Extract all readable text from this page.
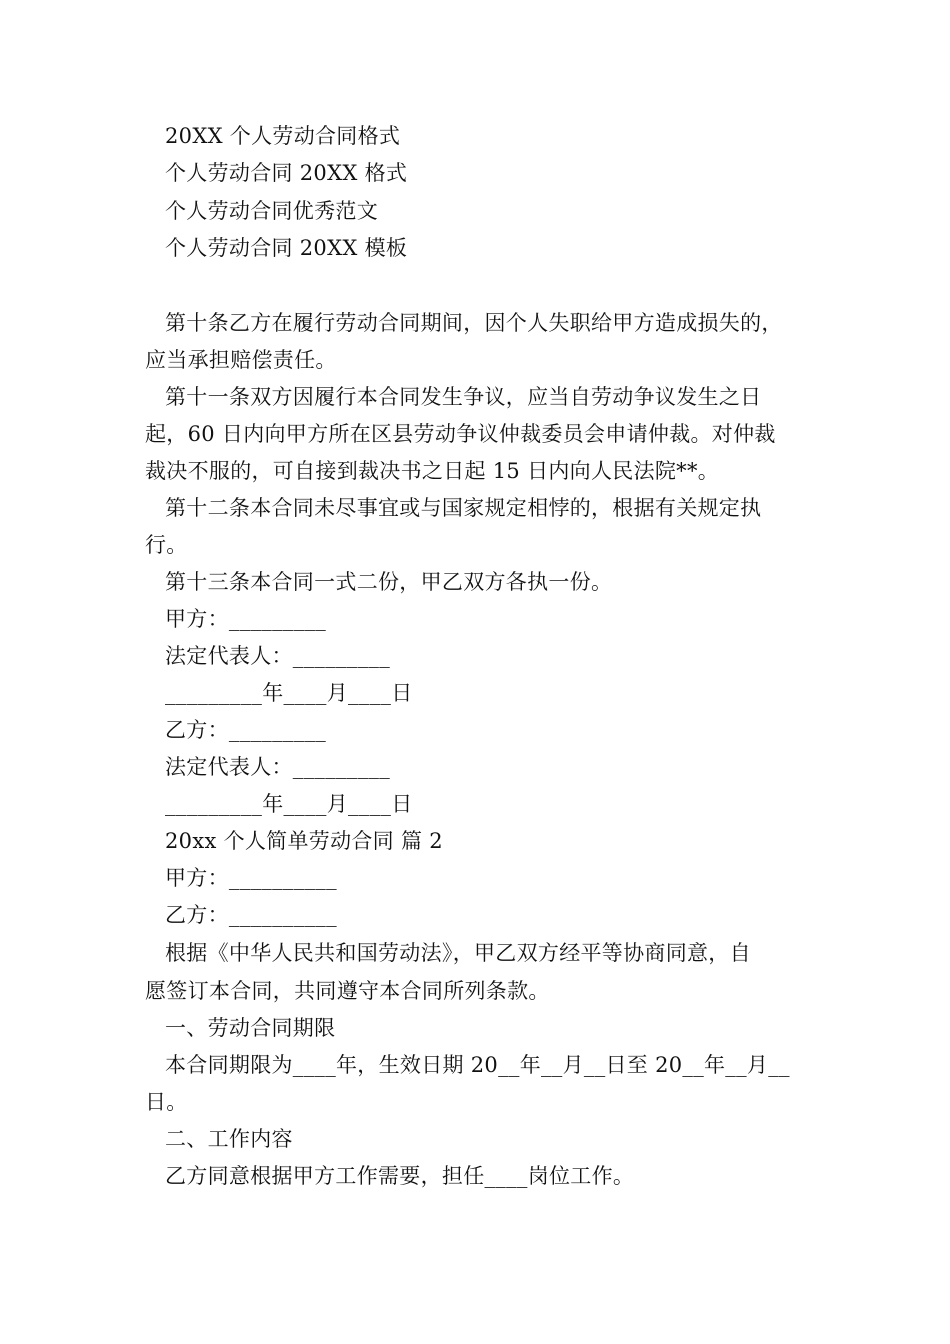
20XX 个人劳动合同格式
个人劳动合同 20XX 格式
个人劳动合同优秀范文
个人劳动合同 20XX 模板
第十条乙方在履行劳动合同期间，因个人失职给甲方造成损失的，
应当承担赔偿责任。
第十一条双方因履行本合同发生争议，应当自劳动争议发生之日
起，60 日内向甲方所在区县劳动争议仲裁委员会申请仲裁。对仲裁
裁决不服的，可自接到裁决书之日起 15 日内向人民法院**。
第十二条本合同未尽事宜或与国家规定相悖的，根据有关规定执
行。
第十三条本合同一式二份，甲乙双方各执一份。
甲方：_________
法定代表人：_________
_________年____月____日
乙方：_________
法定代表人：_________
_________年____月____日
20xx 个人简单劳动合同 篇 2
甲方：__________
乙方：__________
根据《中华人民共和国劳动法》，甲乙双方经平等协商同意，自
愿签订本合同，共同遵守本合同所列条款。
一、劳动合同期限
本合同期限为____年，生效日期 20__年__月__日至 20__年__月__
日。
二、工作内容
乙方同意根据甲方工作需要，担任____岗位工作。
